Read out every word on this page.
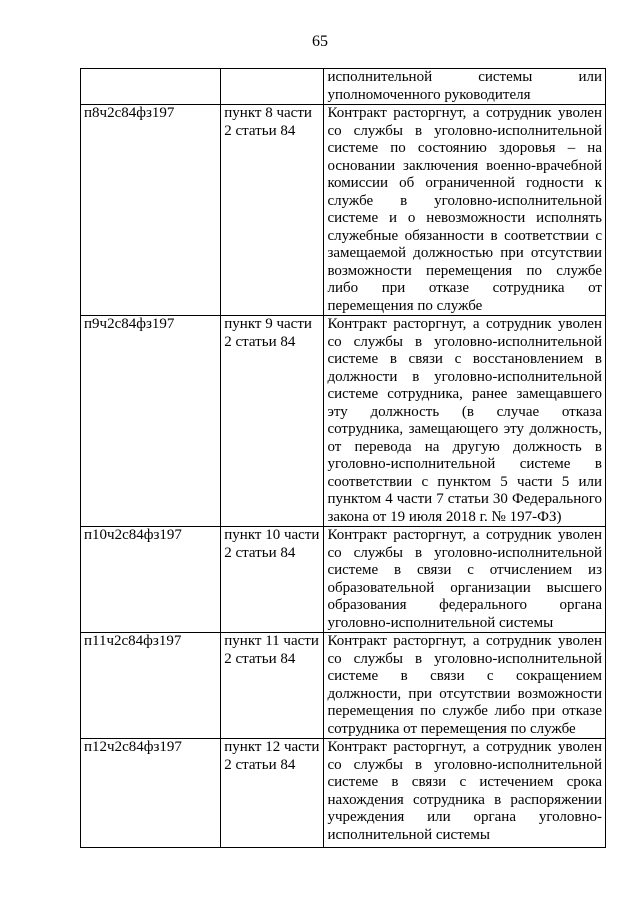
65

		исполнительной системы или уполномоченного руководителя

п8ч2с84фз197	пункт 8 части 2 статьи 84	Контракт расторгнут, а сотрудник уволен со службы в уголовно-исполнительной системе по состоянию здоровья – на основании заключения военно-врачебной комиссии об ограниченной годности к службе в уголовно-исполнительной системе и о невозможности исполнять служебные обязанности в соответствии с замещаемой должностью при отсутствии возможности перемещения по службе либо при отказе сотрудника от перемещения по службе

п9ч2с84фз197	пункт 9 части 2 статьи 84	Контракт расторгнут, а сотрудник уволен со службы в уголовно-исполнительной системе в связи с восстановлением в должности в уголовно-исполнительной системе сотрудника, ранее замещавшего эту должность (в случае отказа сотрудника, замещающего эту должность, от перевода на другую должность в уголовно-исполнительной системе в соответствии с пунктом 5 части 5 или пунктом 4 части 7 статьи 30 Федерального закона от 19 июля 2018 г. № 197-ФЗ)

п10ч2с84фз197	пункт 10 части 2 статьи 84	Контракт расторгнут, а сотрудник уволен со службы в уголовно-исполнительной системе в связи с отчислением из образовательной организации высшего образования федерального органа уголовно-исполнительной системы

п11ч2с84фз197	пункт 11 части 2 статьи 84	Контракт расторгнут, а сотрудник уволен со службы в уголовно-исполнительной системе в связи с сокращением должности, при отсутствии возможности перемещения по службе либо при отказе сотрудника от перемещения по службе

п12ч2с84фз197	пункт 12 части 2 статьи 84	Контракт расторгнут, а сотрудник уволен со службы в уголовно-исполнительной системе в связи с истечением срока нахождения сотрудника в распоряжении учреждения или органа уголовно-исполнительной системы
